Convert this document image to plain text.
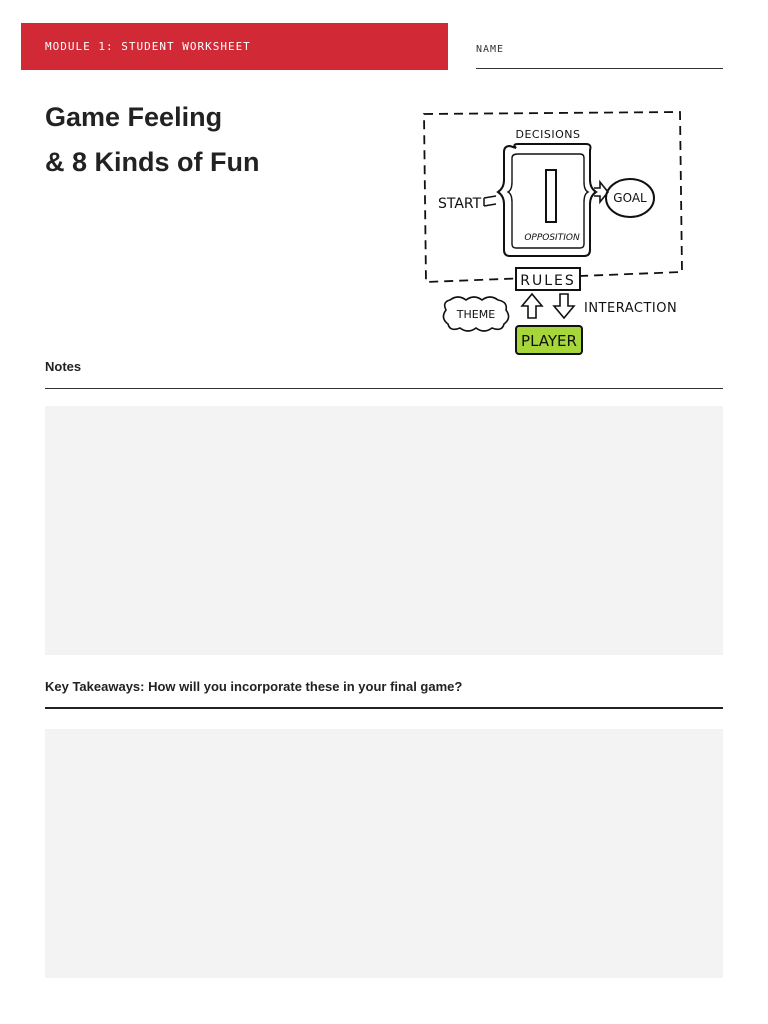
MODULE 1: STUDENT WORKSHEET	NAME
Game Feeling
& 8 Kinds of Fun
DECISIONS
OPPOSITION
START	GOAL
RULES
THEME	INTERACTION
PLAYER
Notes
Key Takeaways: How will you incorporate these in your final game?
